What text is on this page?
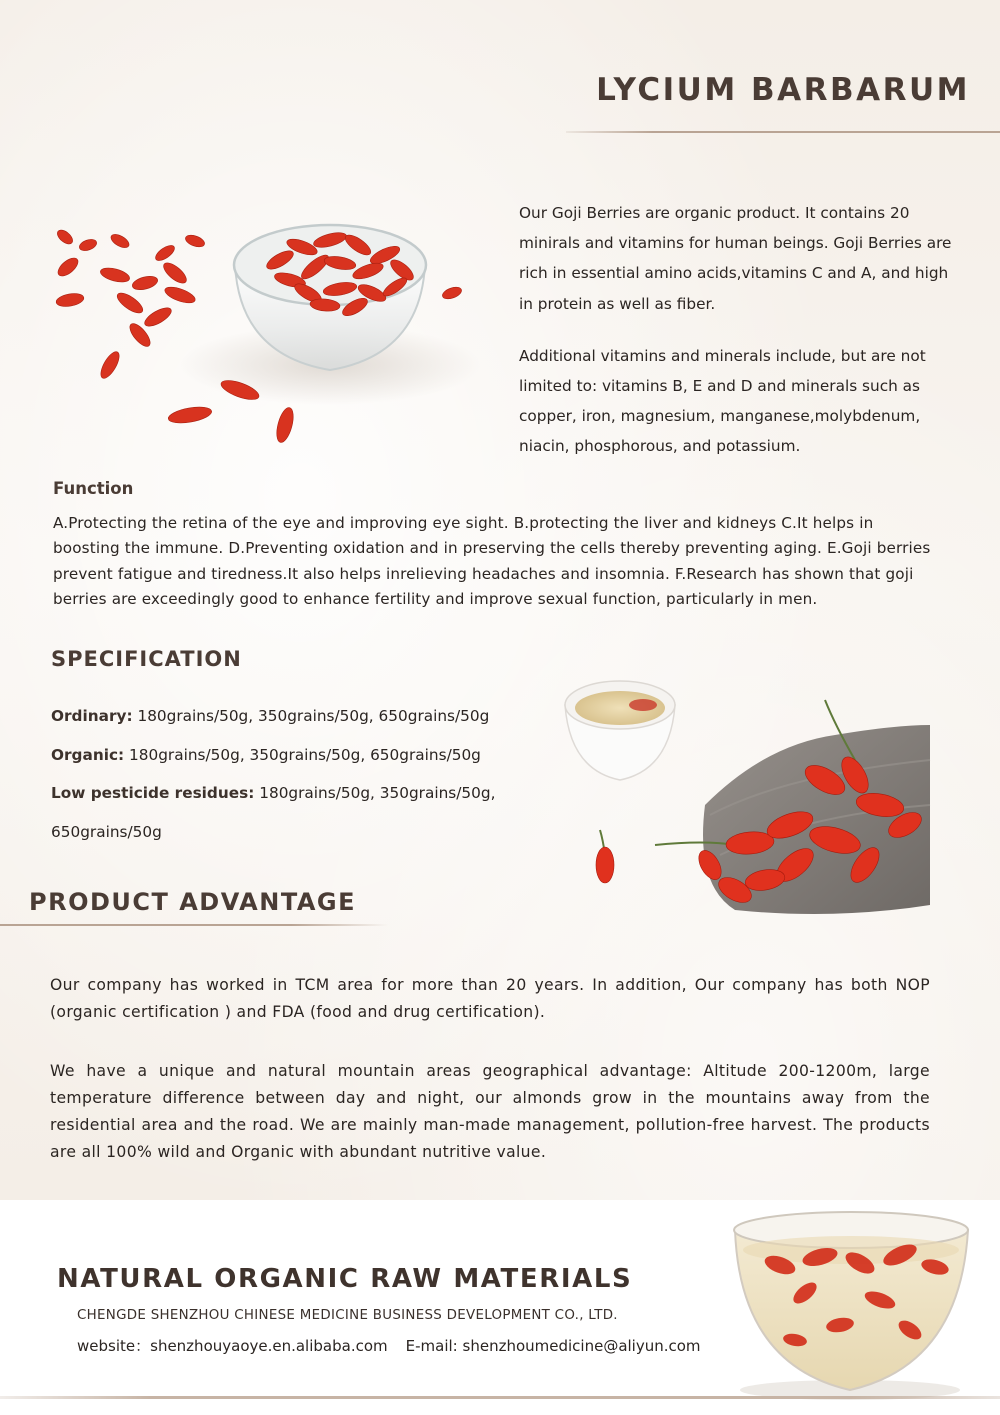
LYCIUM BARBARUM

Our Goji Berries are organic product. It contains 20 minirals and vitamins for human beings. Goji Berries are rich in essential amino acids,vitamins C and A, and high in protein as well as fiber.

Additional vitamins and minerals include, but are not limited to: vitamins B, E and D and minerals such as copper, iron, magnesium, manganese,molybdenum, niacin, phosphorous, and potassium.

Function
A.Protecting the retina of the eye and improving eye sight. B.protecting the liver and kidneys C.It helps in boosting the immune. D.Preventing oxidation and in preserving the cells thereby preventing aging. E.Goji berries prevent fatigue and tiredness.It also helps inrelieving headaches and insomnia. F.Research has shown that goji berries are exceedingly good to enhance fertility and improve sexual function, particularly in men.
SPECIFICATION
Ordinary: 180grains/50g, 350grains/50g, 650grains/50g
Organic: 180grains/50g, 350grains/50g, 650grains/50g
Low pesticide residues: 180grains/50g, 350grains/50g, 650grains/50g
PRODUCT ADVANTAGE

Our company has worked in TCM area for more than 20 years. In addition, Our company has both NOP (organic certification ) and FDA (food and drug certification).

We have a unique and natural mountain areas geographical advantage: Altitude 200-1200m, large temperature difference between day and night, our almonds grow in the mountains away from the residential area and the road. We are mainly man-made management, pollution-free harvest. The products are all 100% wild and Organic with abundant nutritive value.

NATURAL ORGANIC RAW MATERIALS
CHENGDE SHENZHOU CHINESE MEDICINE BUSINESS DEVELOPMENT CO., LTD.
website：shenzhouyaoye.en.alibaba.com E-mail: shenzhoumedicine@aliyun.com
